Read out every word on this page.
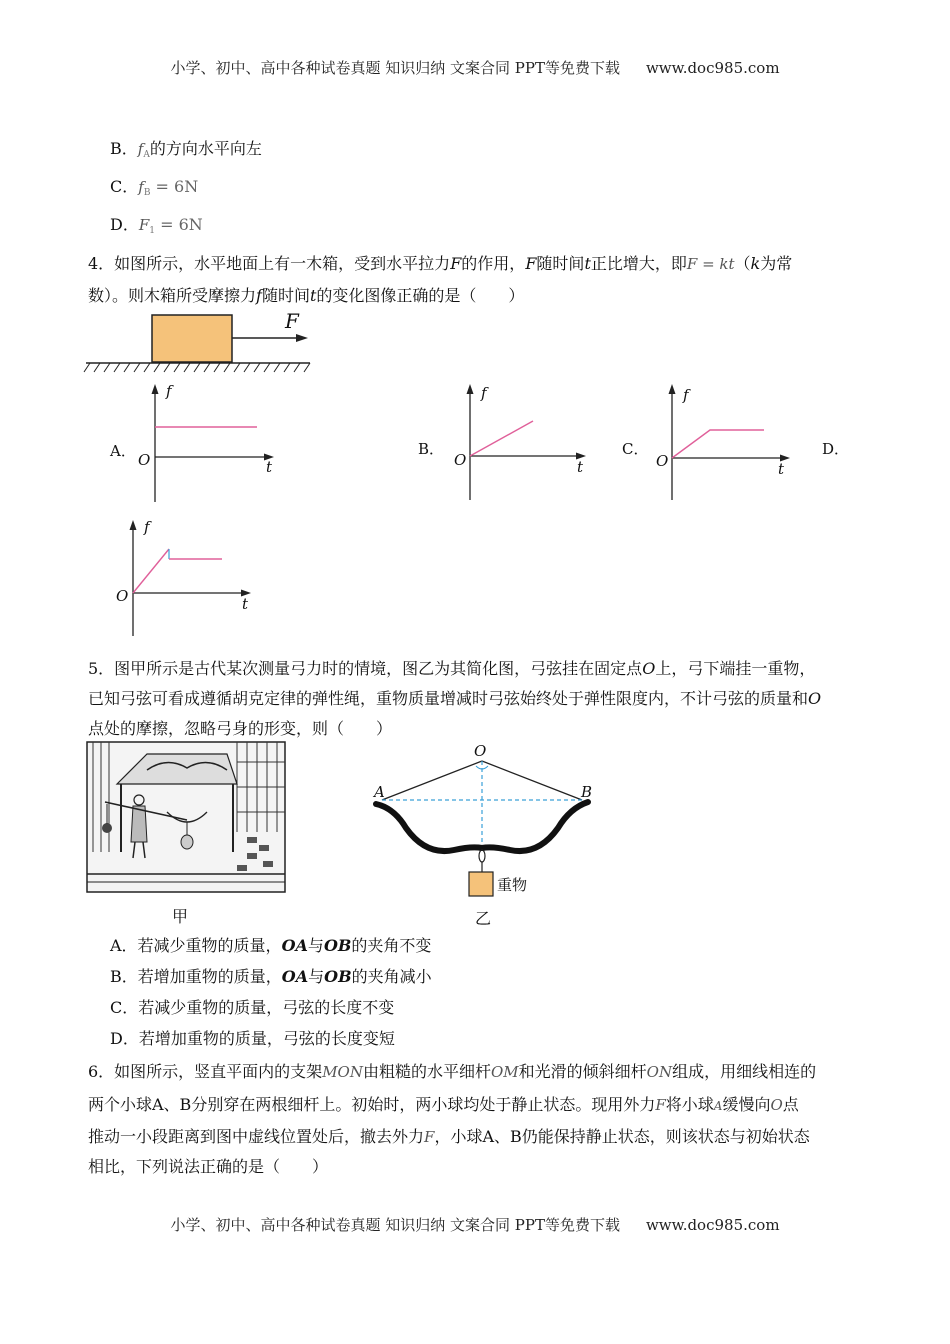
小学、初中、高中各种试卷真题 知识归纳 文案合同 PPT等免费下载 www.doc985.com
B．$f_A$的方向水平向左
C．$f_B = 6N$
D．$F_1 = 6N$
4．如图所示，水平地面上有一木箱，受到水平拉力F的作用，F随时间t正比增大，即F = kt（k为常
数）。则木箱所受摩擦力f随时间t的变化图像正确的是（　　）
F
A．
f
t
O
B．
f
t
O
C．
f
t
O
D．
f
t
O
5．图甲所示是古代某次测量弓力时的情境，图乙为其简化图，弓弦挂在固定点O上，弓下端挂一重物，
已知弓弦可看成遵循胡克定律的弹性绳，重物质量增减时弓弦始终处于弹性限度内，不计弓弦的质量和O
点处的摩擦，忽略弓身的形变，则（　　）
甲
O
A	B
重物
乙
A．若减少重物的质量，OA与OB的夹角不变
B．若增加重物的质量，OA与OB的夹角减小
C．若减少重物的质量，弓弦的长度不变
D．若增加重物的质量，弓弦的长度变短
6．如图所示，竖直平面内的支架MON由粗糙的水平细杆OM和光滑的倾斜细杆ON组成，用细线相连的
两个小球A、B分别穿在两根细杆上。初始时，两小球均处于静止状态。现用外力F将小球A缓慢向O点
推动一小段距离到图中虚线位置处后，撤去外力F，小球A、B仍能保持静止状态，则该状态与初始状态
相比，下列说法正确的是（　　）
小学、初中、高中各种试卷真题 知识归纳 文案合同 PPT等免费下载 www.doc985.com
